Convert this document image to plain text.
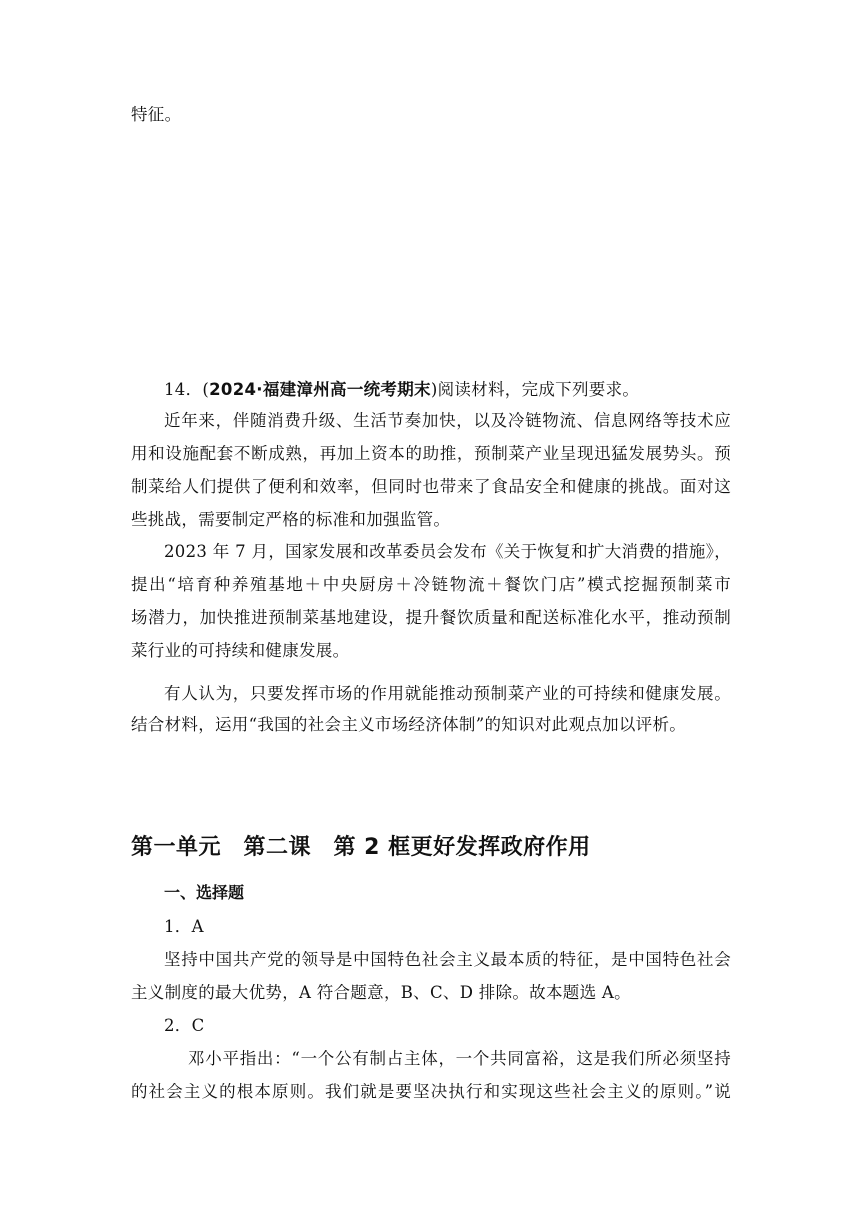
特征。
14．(2024·福建漳州高一统考期末)阅读材料，完成下列要求。
近年来，伴随消费升级、生活节奏加快，以及冷链物流、信息网络等技术应
用和设施配套不断成熟，再加上资本的助推，预制菜产业呈现迅猛发展势头。预
制菜给人们提供了便利和效率，但同时也带来了食品安全和健康的挑战。面对这
些挑战，需要制定严格的标准和加强监管。
2023 年 7 月，国家发展和改革委员会发布《关于恢复和扩大消费的措施》，
提出“培育种养殖基地＋中央厨房＋冷链物流＋餐饮门店”模式挖掘预制菜市
场潜力，加快推进预制菜基地建设，提升餐饮质量和配送标准化水平，推动预制
菜行业的可持续和健康发展。
有人认为，只要发挥市场的作用就能推动预制菜产业的可持续和健康发展。
结合材料，运用“我国的社会主义市场经济体制”的知识对此观点加以评析。
第一单元　第二课　第 2 框更好发挥政府作用
一、选择题
1．A
坚持中国共产党的领导是中国特色社会主义最本质的特征，是中国特色社会
主义制度的最大优势，A 符合题意，B、C、D 排除。故本题选 A。
2．C
邓小平指出：“一个公有制占主体，一个共同富裕，这是我们所必须坚持
的社会主义的根本原则。我们就是要坚决执行和实现这些社会主义的原则。”说
